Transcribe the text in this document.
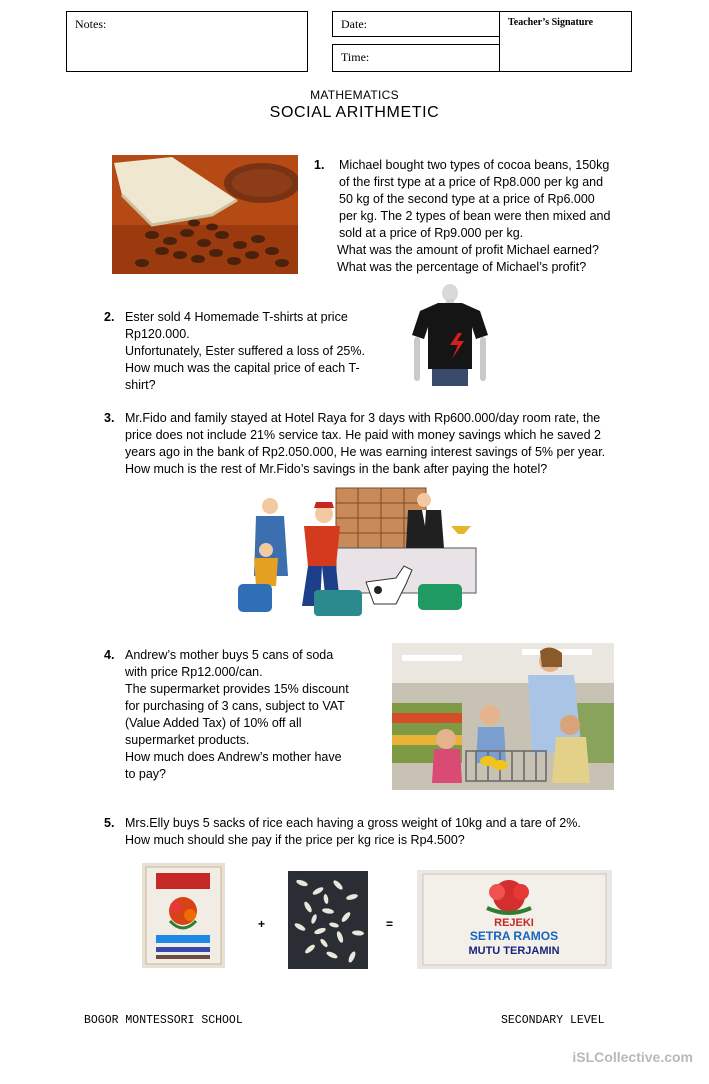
Notes:	Date:
Time:
Teacher’s Signature
MATHEMATICS
SOCIAL ARITHMETIC
1. Michael bought two types of cocoa beans, 150kg
of the first type at a price of Rp8.000 per kg and
50 kg of the second type at a price of Rp6.000
per kg. The 2 types of bean were then mixed and
sold at a price of Rp9.000 per kg.
What was the amount of profit Michael earned?
What was the percentage of Michael’s profit?
2. Ester sold 4 Homemade T-shirts at price
Rp120.000.
Unfortunately, Ester suffered a loss of 25%.
How much was the capital price of each T-
shirt?
3. Mr.Fido and family stayed at Hotel Raya for 3 days with Rp600.000/day room rate, the
price does not include 21% service tax. He paid with money savings which he saved 2
years ago in the bank of Rp2.050.000, He was earning interest savings of 5% per year.
How much is the rest of Mr.Fido’s savings in the bank after paying the hotel?
4. Andrew’s mother buys 5 cans of soda
with price Rp12.000/can.
The supermarket provides 15% discount
for purchasing of 3 cans, subject to VAT
(Value Added Tax) of 10% off all
supermarket products.
How much does Andrew’s mother have
to pay?
5. Mrs.Elly buys 5 sacks of rice each having a gross weight of 10kg and a tare of 2%.
How much should she pay if the price per kg rice is Rp4.500?
+	=	REJEKI
SETRA RAMOS
MUTU TERJAMIN
BOGOR MONTESSORI SCHOOL	SECONDARY LEVEL
iSLCollective.com
